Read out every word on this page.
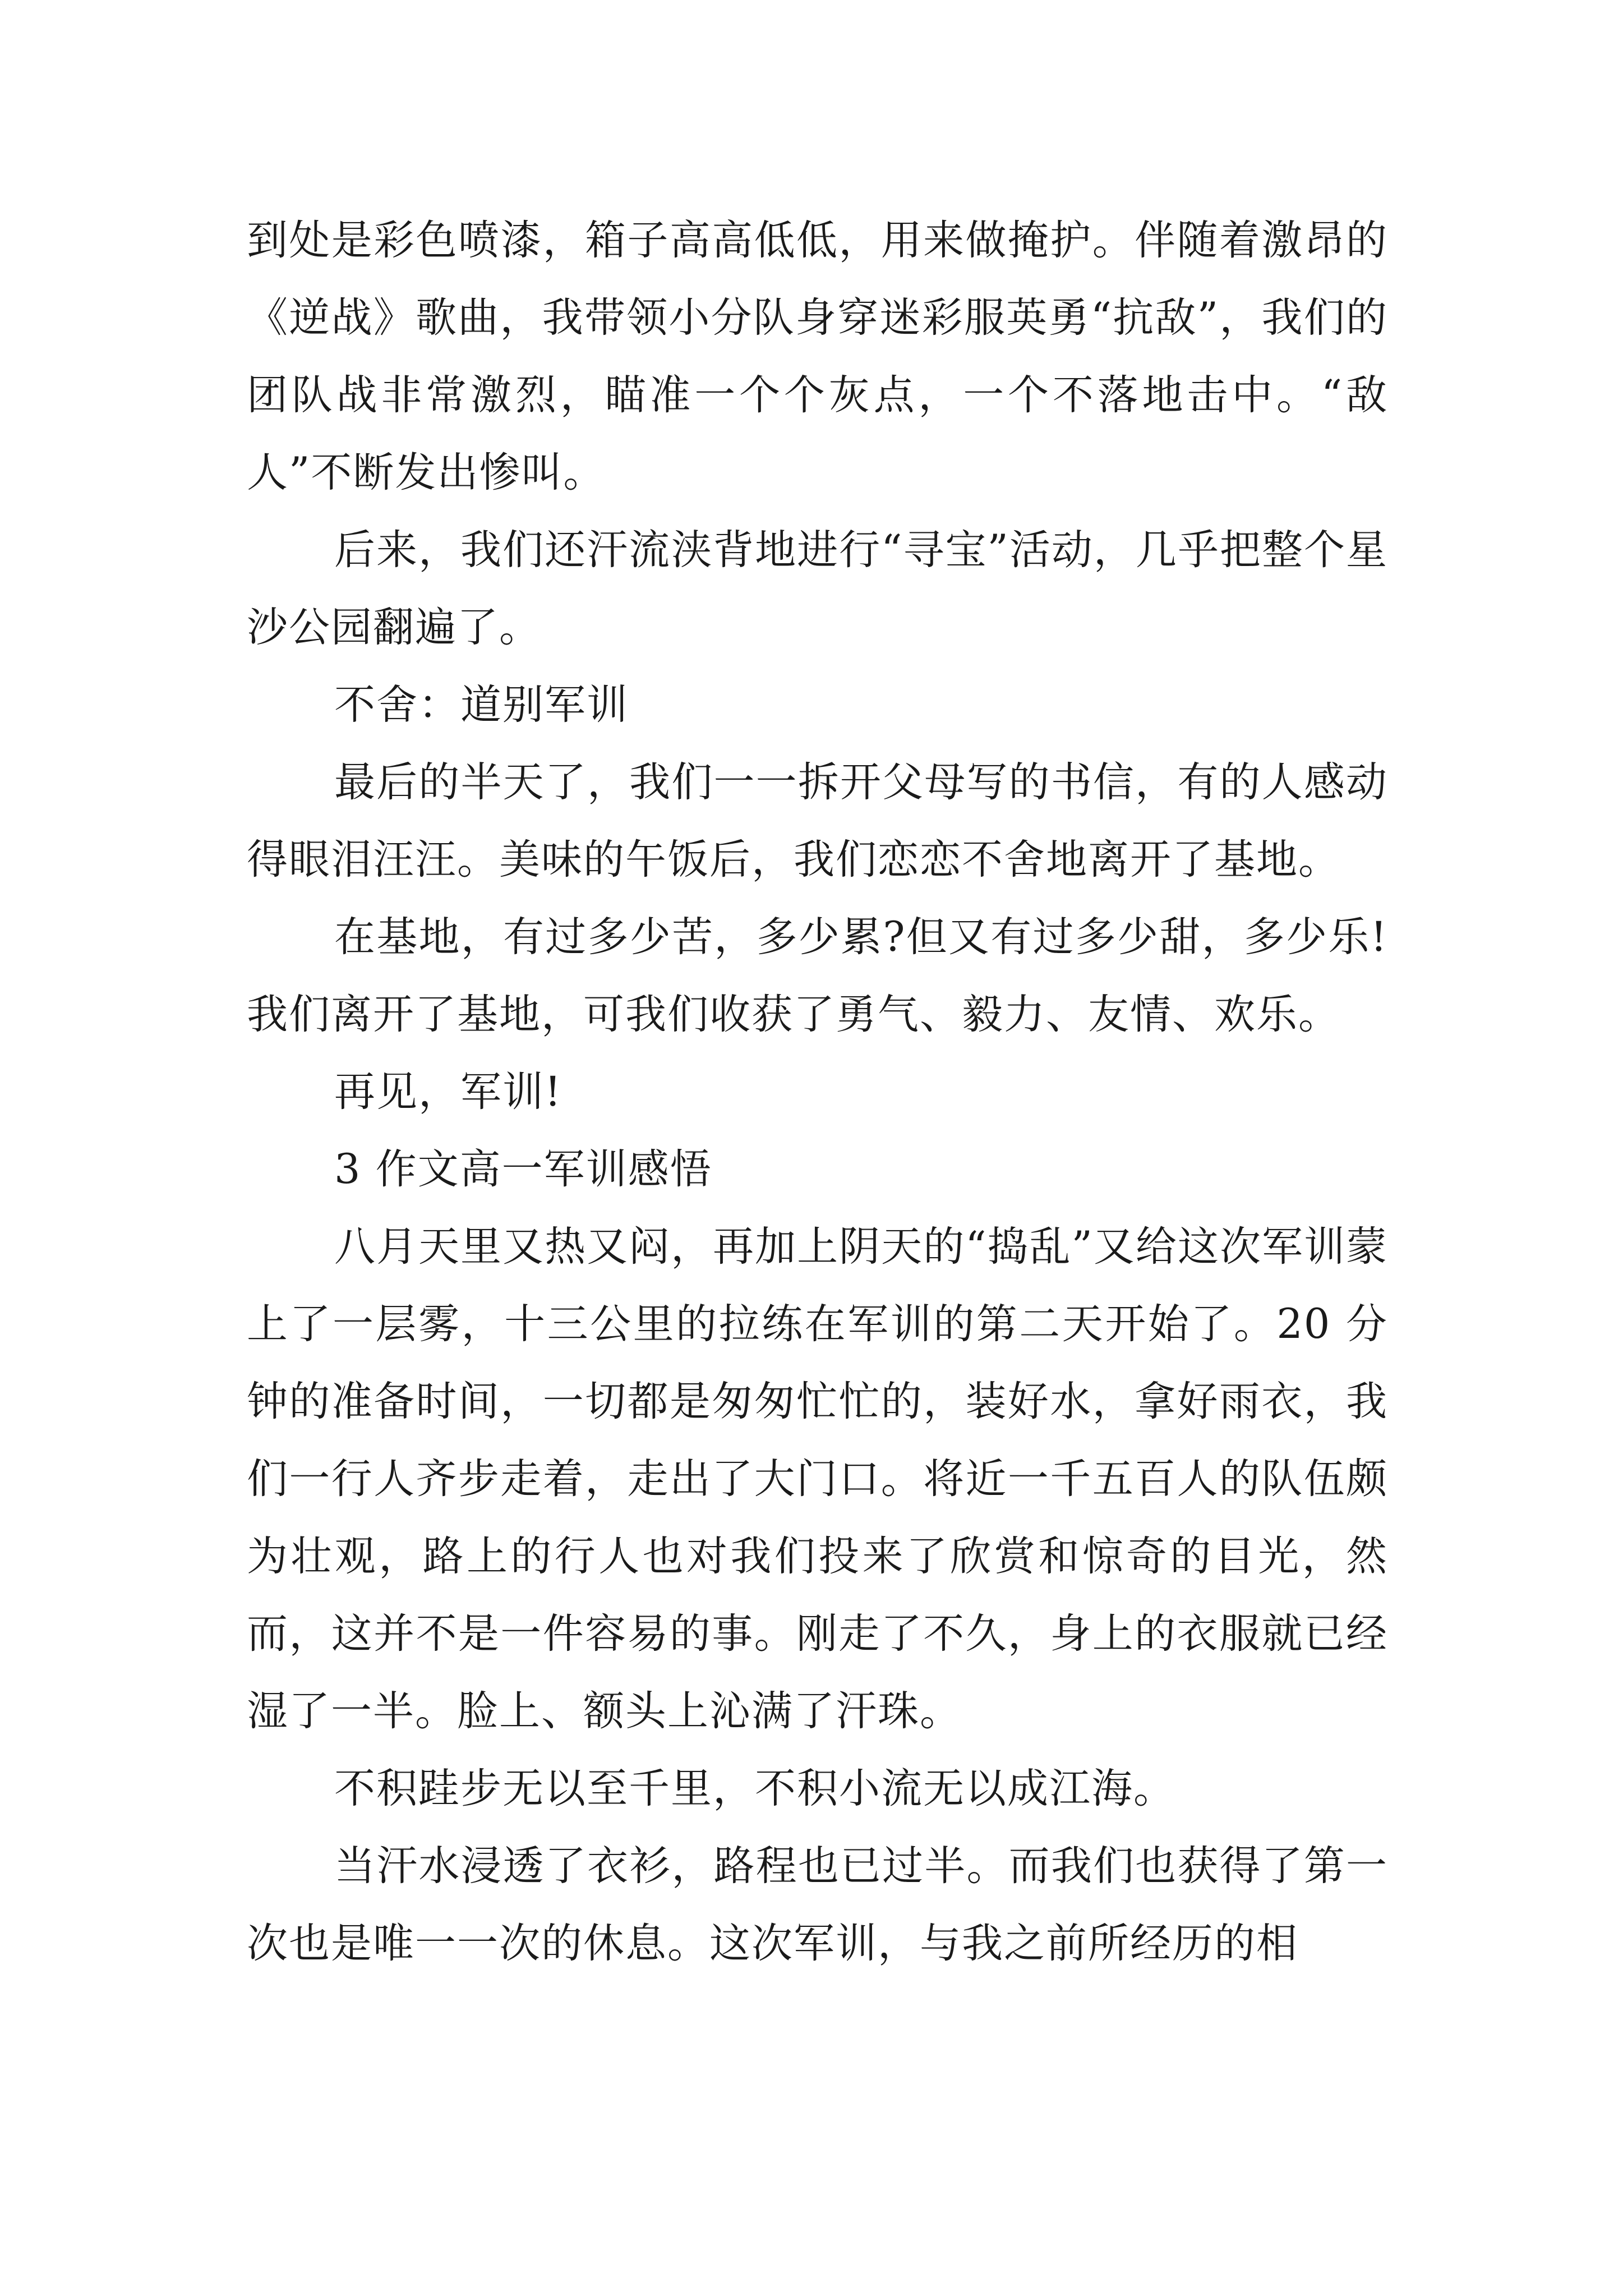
到处是彩色喷漆，箱子高高低低，用来做掩护。伴随着激昂的《逆战》歌曲，我带领小分队身穿迷彩服英勇“抗敌”，我们的团队战非常激烈，瞄准一个个灰点，一个不落地击中。“敌人”不断发出惨叫。

后来，我们还汗流浃背地进行“寻宝”活动，几乎把整个星沙公园翻遍了。

不舍：道别军训

最后的半天了，我们一一拆开父母写的书信，有的人感动得眼泪汪汪。美味的午饭后，我们恋恋不舍地离开了基地。

在基地，有过多少苦，多少累?但又有过多少甜，多少乐!我们离开了基地，可我们收获了勇气、毅力、友情、欢乐。

再见，军训!

3 作文高一军训感悟

八月天里又热又闷，再加上阴天的“捣乱”又给这次军训蒙上了一层雾，十三公里的拉练在军训的第二天开始了。20 分钟的准备时间，一切都是匆匆忙忙的，装好水，拿好雨衣，我们一行人齐步走着，走出了大门口。将近一千五百人的队伍颇为壮观，路上的行人也对我们投来了欣赏和惊奇的目光，然而，这并不是一件容易的事。刚走了不久，身上的衣服就已经湿了一半。脸上、额头上沁满了汗珠。

不积跬步无以至千里，不积小流无以成江海。

当汗水浸透了衣衫，路程也已过半。而我们也获得了第一次也是唯一一次的休息。这次军训，与我之前所经历的相
